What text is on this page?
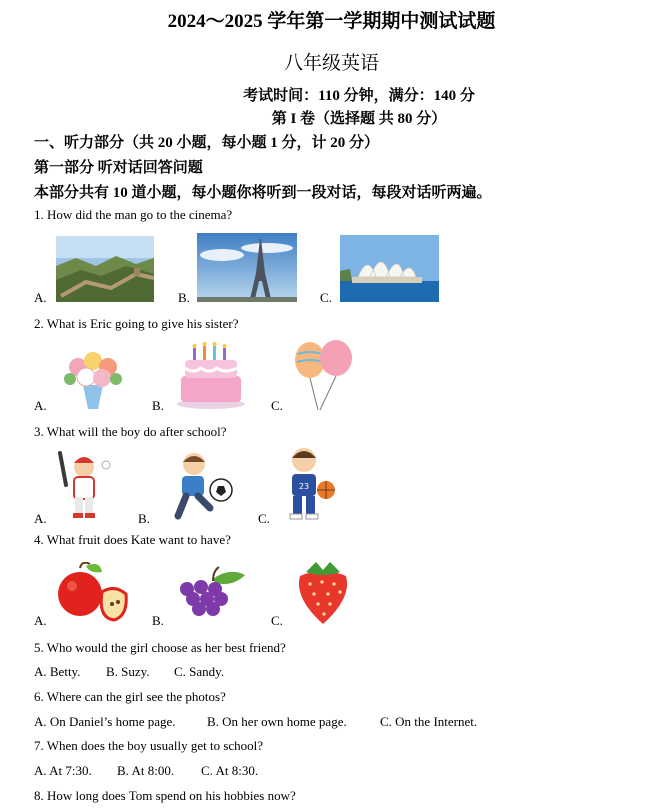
2024～2025 学年第一学期期中测试试题
八年级英语
考试时间：110 分钟，满分：140 分
第 I 卷（选择题 共 80 分）
一、听力部分（共 20 小题，每小题 1 分，计 20 分）
第一部分 听对话回答问题
本部分共有 10 道小题，每小题你将听到一段对话，每段对话听两遍。
1. How did the man go to the cinema?
A.	B.	C.
2. What is Eric going to give his sister?
A.	B.	C.
3. What will the boy do after school?
A.	B.	C.
23
4. What fruit does Kate want to have?
A.	B.	C.
5. Who would the girl choose as her best friend?
A. Betty. B. Suzy. C. Sandy.
6. Where can the girl see the photos?
A. On Daniel’s home page. B. On her own home page.	C. On the Internet.
7. When does the boy usually get to school?
A. At 7:30. B. At 8:00. C. At 8:30.
8. How long does Tom spend on his hobbies now?
